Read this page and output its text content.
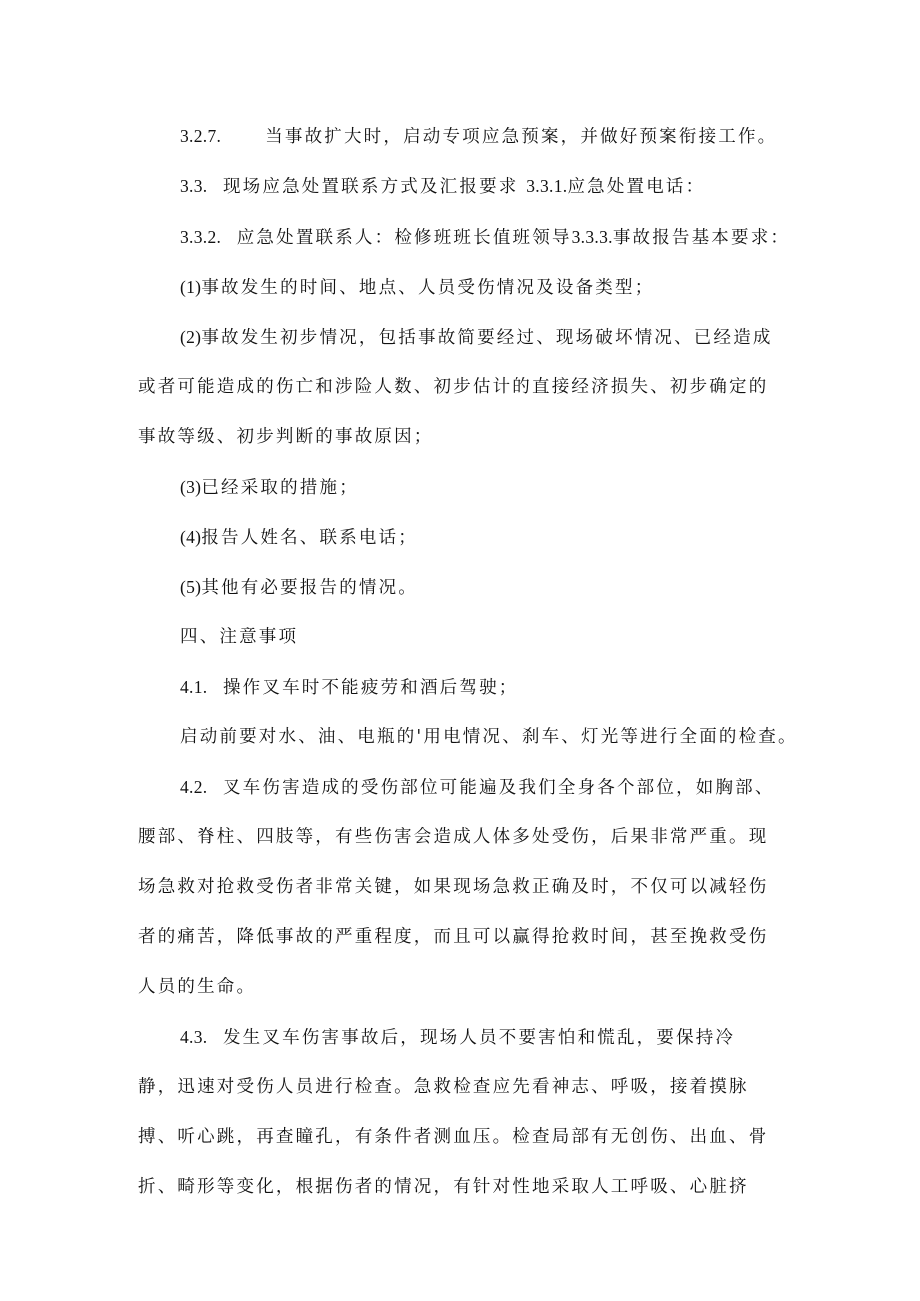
3.2.7.	当事故扩大时，启动专项应急预案，并做好预案衔接工作。
3.3. 现场应急处置联系方式及汇报要求 3.3.1.应急处置电话：
3.3.2. 应急处置联系人：检修班班长值班领导3.3.3.事故报告基本要求：
(1)事故发生的时间、地点、人员受伤情况及设备类型；
(2)事故发生初步情况，包括事故简要经过、现场破坏情况、已经造成
或者可能造成的伤亡和涉险人数、初步估计的直接经济损失、初步确定的
事故等级、初步判断的事故原因；
(3)已经采取的措施；
(4)报告人姓名、联系电话；
(5)其他有必要报告的情况。
四、注意事项
4.1. 操作叉车时不能疲劳和酒后驾驶；
启动前要对水、油、电瓶的'用电情况、刹车、灯光等进行全面的检查。
4.2. 叉车伤害造成的受伤部位可能遍及我们全身各个部位，如胸部、
腰部、脊柱、四肢等，有些伤害会造成人体多处受伤，后果非常严重。现
场急救对抢救受伤者非常关键，如果现场急救正确及时，不仅可以减轻伤
者的痛苦，降低事故的严重程度，而且可以赢得抢救时间，甚至挽救受伤
人员的生命。
4.3. 发生叉车伤害事故后，现场人员不要害怕和慌乱，要保持冷
静，迅速对受伤人员进行检查。急救检查应先看神志、呼吸，接着摸脉
搏、听心跳，再查瞳孔，有条件者测血压。检查局部有无创伤、出血、骨
折、畸形等变化，根据伤者的情况，有针对性地采取人工呼吸、心脏挤
